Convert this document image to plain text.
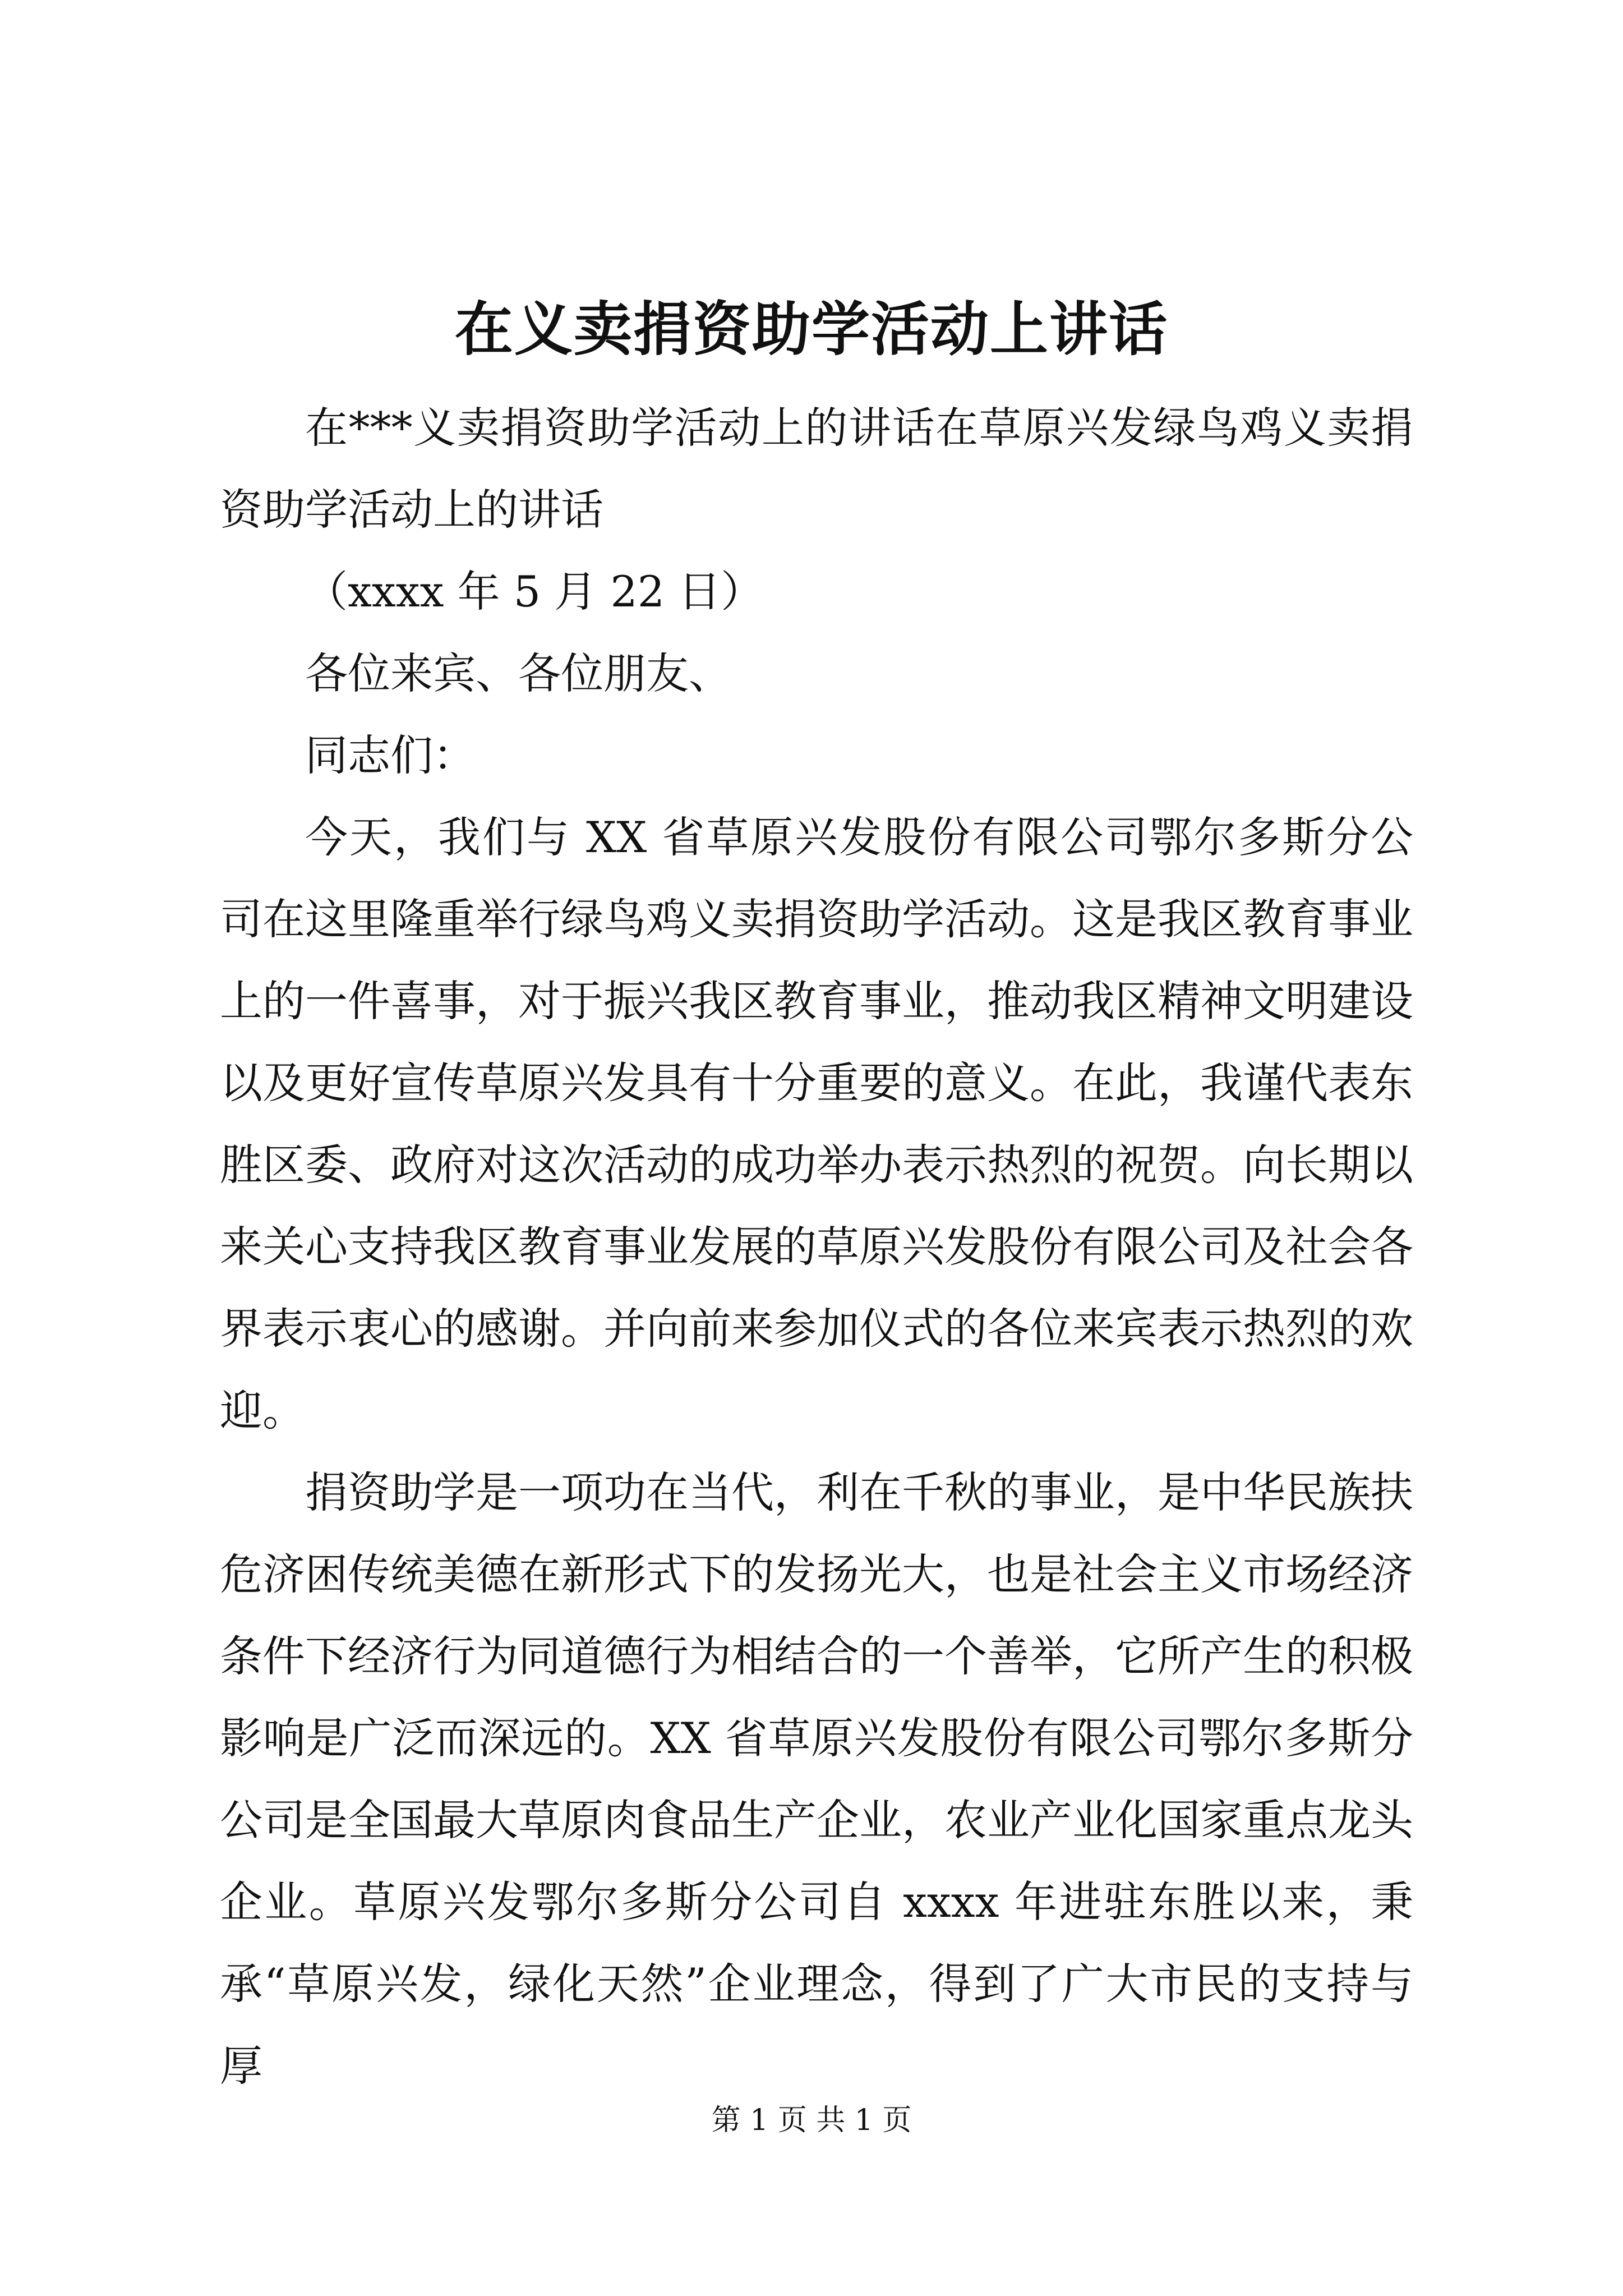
在义卖捐资助学活动上讲话

在***义卖捐资助学活动上的讲话在草原兴发绿鸟鸡义卖捐资助学活动上的讲话

（xxxx 年 5 月 22 日）

各位来宾、各位朋友、

同志们：

今天，我们与 XX 省草原兴发股份有限公司鄂尔多斯分公司在这里隆重举行绿鸟鸡义卖捐资助学活动。这是我区教育事业上的一件喜事，对于振兴我区教育事业，推动我区精神文明建设以及更好宣传草原兴发具有十分重要的意义。在此，我谨代表东胜区委、政府对这次活动的成功举办表示热烈的祝贺。向长期以来关心支持我区教育事业发展的草原兴发股份有限公司及社会各界表示衷心的感谢。并向前来参加仪式的各位来宾表示热烈的欢迎。

捐资助学是一项功在当代，利在千秋的事业，是中华民族扶危济困传统美德在新形式下的发扬光大，也是社会主义市场经济条件下经济行为同道德行为相结合的一个善举，它所产生的积极影响是广泛而深远的。XX 省草原兴发股份有限公司鄂尔多斯分公司是全国最大草原肉食品生产企业，农业产业化国家重点龙头企业。草原兴发鄂尔多斯分公司自 xxxx 年进驻东胜以来，秉承“草原兴发，绿化天然”企业理念，得到了广大市民的支持与厚

第 1 页 共 1 页
